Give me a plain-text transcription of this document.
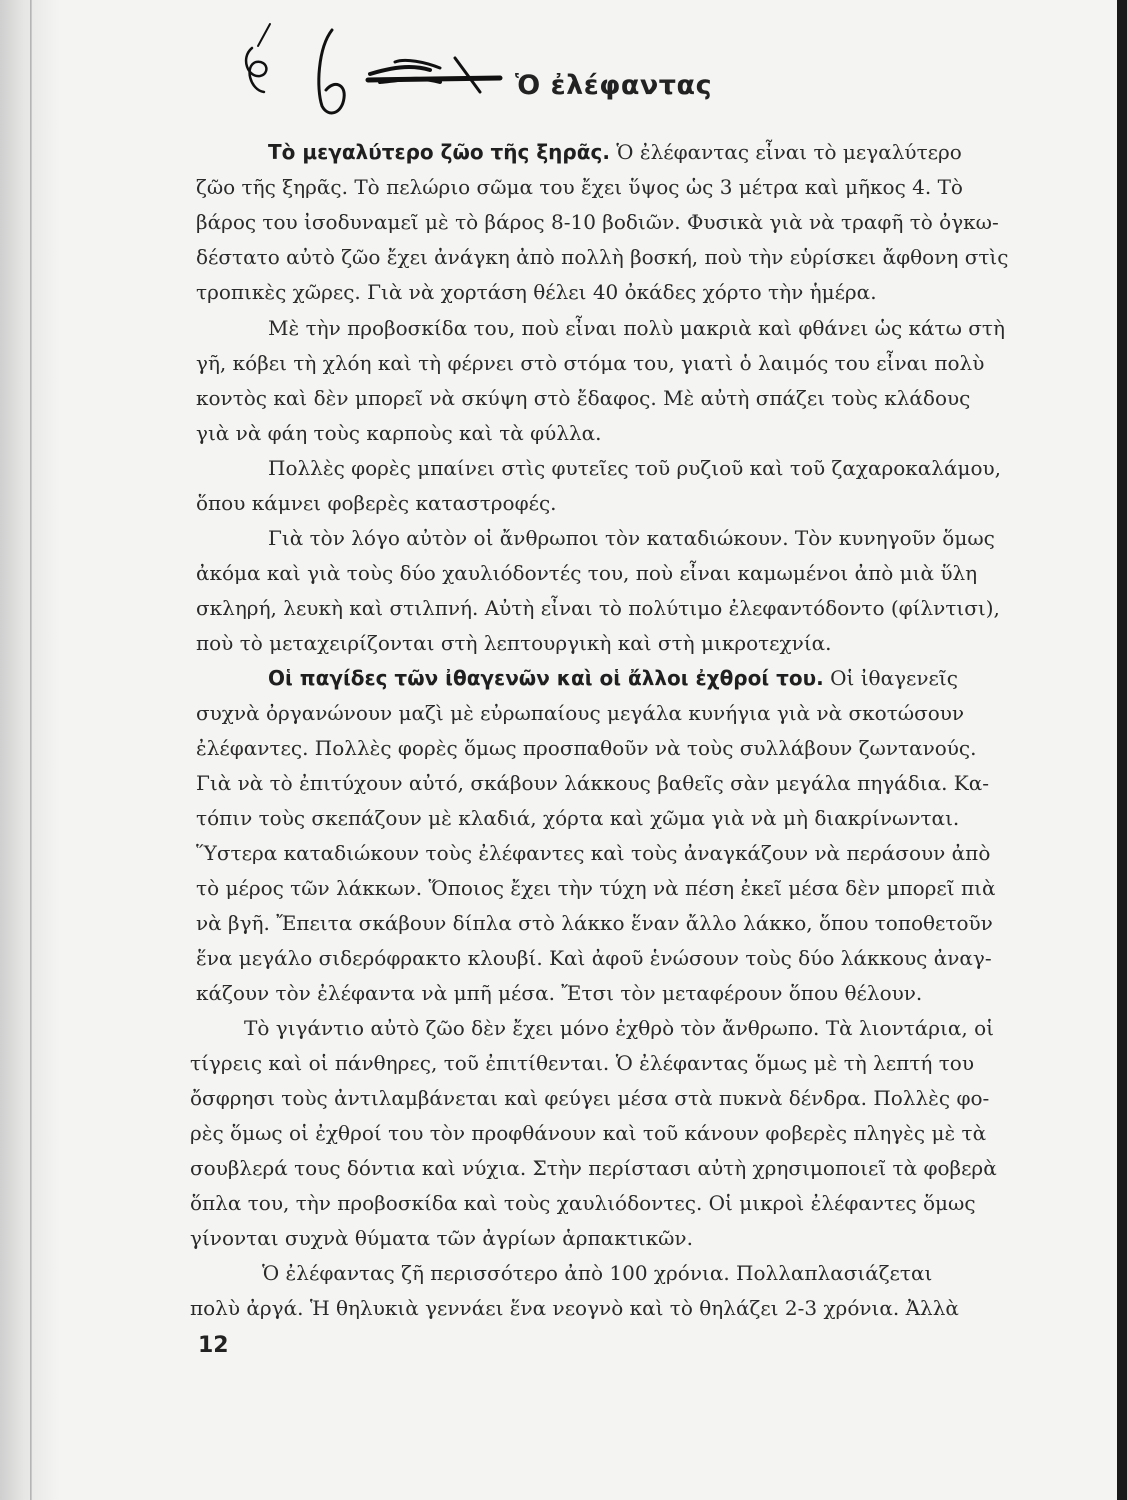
Ὁ ἐλέφαντας
Τὸ μεγαλύτερο ζῶο τῆς ξηρᾶς. Ὁ ἐλέφαντας εἶναι τὸ μεγαλύτερο
ζῶο τῆς ξηρᾶς. Τὸ πελώριο σῶμα του ἔχει ὕψος ὡς 3 μέτρα καὶ μῆκος 4. Τὸ
βάρος του ἰσοδυναμεῖ μὲ τὸ βάρος 8-10 βοδιῶν. Φυσικὰ γιὰ νὰ τραφῆ τὸ ὀγκω-
δέστατο αὐτὸ ζῶο ἔχει ἀνάγκη ἀπὸ πολλὴ βοσκή, ποὺ τὴν εὑρίσκει ἄφθονη στὶς
τροπικὲς χῶρες. Γιὰ νὰ χορτάση θέλει 40 ὀκάδες χόρτο τὴν ἡμέρα.
Μὲ τὴν προβοσκίδα του, ποὺ εἶναι πολὺ μακριὰ καὶ φθάνει ὡς κάτω στὴ
γῆ, κόβει τὴ χλόη καὶ τὴ φέρνει στὸ στόμα του, γιατὶ ὁ λαιμός του εἶναι πολὺ
κοντὸς καὶ δὲν μπορεῖ νὰ σκύψη στὸ ἔδαφος. Μὲ αὐτὴ σπάζει τοὺς κλάδους
γιὰ νὰ φάη τοὺς καρποὺς καὶ τὰ φύλλα.
Πολλὲς φορὲς μπαίνει στὶς φυτεῖες τοῦ ρυζιοῦ καὶ τοῦ ζαχαροκαλάμου,
ὅπου κάμνει φοβερὲς καταστροφές.
Γιὰ τὸν λόγο αὐτὸν οἱ ἄνθρωποι τὸν καταδιώκουν. Τὸν κυνηγοῦν ὅμως
ἀκόμα καὶ γιὰ τοὺς δύο χαυλιόδοντές του, ποὺ εἶναι καμωμένοι ἀπὸ μιὰ ὕλη
σκληρή, λευκὴ καὶ στιλπνή. Αὐτὴ εἶναι τὸ πολύτιμο ἐλεφαντόδοντο (φίλντισι),
ποὺ τὸ μεταχειρίζονται στὴ λεπτουργικὴ καὶ στὴ μικροτεχνία.
Οἱ παγίδες τῶν ἰθαγενῶν καὶ οἱ ἄλλοι ἐχθροί του. Οἱ ἰθαγενεῖς
συχνὰ ὀργανώνουν μαζὶ μὲ εὐρωπαίους μεγάλα κυνήγια γιὰ νὰ σκοτώσουν
ἐλέφαντες. Πολλὲς φορὲς ὅμως προσπαθοῦν νὰ τοὺς συλλάβουν ζωντανούς.
Γιὰ νὰ τὸ ἐπιτύχουν αὐτό, σκάβουν λάκκους βαθεῖς σὰν μεγάλα πηγάδια. Κα-
τόπιν τοὺς σκεπάζουν μὲ κλαδιά, χόρτα καὶ χῶμα γιὰ νὰ μὴ διακρίνωνται.
Ὕστερα καταδιώκουν τοὺς ἐλέφαντες καὶ τοὺς ἀναγκάζουν νὰ περάσουν ἀπὸ
τὸ μέρος τῶν λάκκων. Ὅποιος ἔχει τὴν τύχη νὰ πέση ἐκεῖ μέσα δὲν μπορεῖ πιὰ
νὰ βγῆ. Ἔπειτα σκάβουν δίπλα στὸ λάκκο ἕναν ἄλλο λάκκο, ὅπου τοποθετοῦν
ἕνα μεγάλο σιδερόφρακτο κλουβί. Καὶ ἀφοῦ ἑνώσουν τοὺς δύο λάκκους ἀναγ-
κάζουν τὸν ἐλέφαντα νὰ μπῆ μέσα. Ἔτσι τὸν μεταφέρουν ὅπου θέλουν.
Τὸ γιγάντιο αὐτὸ ζῶο δὲν ἔχει μόνο ἐχθρὸ τὸν ἄνθρωπο. Τὰ λιοντάρια, οἱ
τίγρεις καὶ οἱ πάνθηρες, τοῦ ἐπιτίθενται. Ὁ ἐλέφαντας ὅμως μὲ τὴ λεπτή του
ὄσφρησι τοὺς ἀντιλαμβάνεται καὶ φεύγει μέσα στὰ πυκνὰ δένδρα. Πολλὲς φο-
ρὲς ὅμως οἱ ἐχθροί του τὸν προφθάνουν καὶ τοῦ κάνουν φοβερὲς πληγὲς μὲ τὰ
σουβλερά τους δόντια καὶ νύχια. Στὴν περίστασι αὐτὴ χρησιμοποιεῖ τὰ φοβερὰ
ὅπλα του, τὴν προβοσκίδα καὶ τοὺς χαυλιόδοντες. Οἱ μικροὶ ἐλέφαντες ὅμως
γίνονται συχνὰ θύματα τῶν ἀγρίων ἁρπακτικῶν.
Ὁ ἐλέφαντας ζῆ περισσότερο ἀπὸ 100 χρόνια. Πολλαπλασιάζεται
πολὺ ἀργά. Ἡ θηλυκιὰ γεννάει ἕνα νεογνὸ καὶ τὸ θηλάζει 2-3 χρόνια. Ἀλλὰ
12
